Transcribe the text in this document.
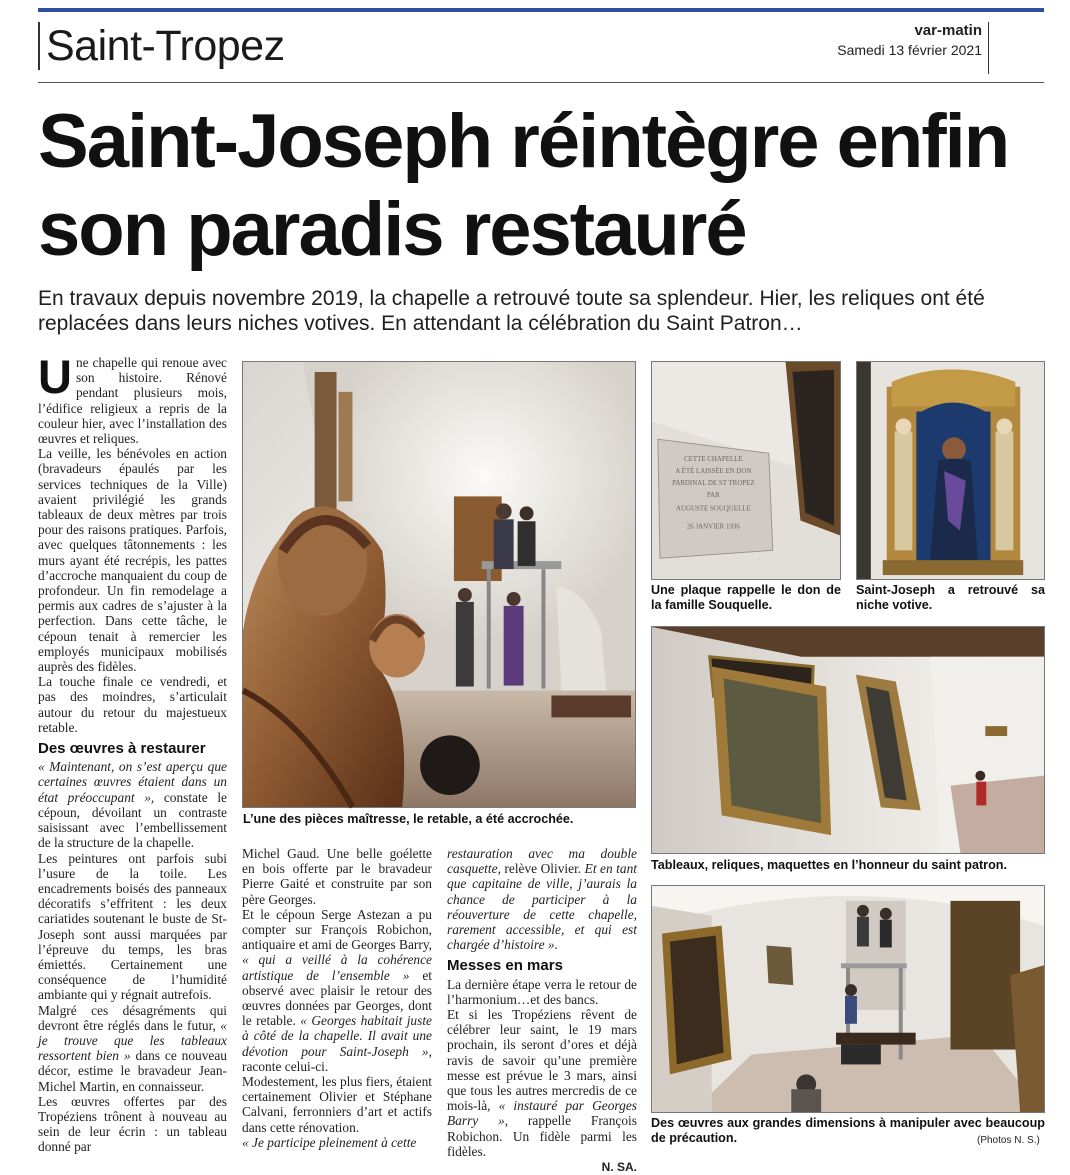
Saint-Tropez	var-matin
Samedi 13 février 2021
Saint-Joseph réintègre enfin son paradis restauré
En travaux depuis novembre 2019, la chapelle a retrouvé toute sa splendeur. Hier, les reliques ont été replacées dans leurs niches votives. En attendant la célébration du Saint Patron…

Une chapelle qui renoue avec son histoire. Rénové pendant plusieurs mois, l’édifice religieux a repris de la couleur hier, avec l’installation des œuvres et reliques.

La veille, les bénévoles en action (bravadeurs épaulés par les services techniques de la Ville) avaient privilégié les grands tableaux de deux mètres par trois pour des raisons pratiques. Parfois, avec quelques tâtonnements : les murs ayant été recrépis, les pattes d’accroche manquaient du coup de profondeur. Un fin remodelage a permis aux cadres de s’ajuster à la perfection. Dans cette tâche, le cépoun tenait à remercier les employés municipaux mobilisés auprès des fidèles.

La touche finale ce vendredi, et pas des moindres, s’articulait autour du retour du majestueux retable.

Des œuvres à restaurer

« Maintenant, on s’est aperçu que certaines œuvres étaient dans un état préoccupant », constate le cépoun, dévoilant un contraste saisissant avec l’embellissement de la structure de la chapelle.

Les peintures ont parfois subi l’usure de la toile. Les encadrements boisés des panneaux décoratifs s’effritent : les deux cariatides soutenant le buste de St-Joseph sont aussi marquées par l’épreuve du temps, les bras émiettés. Certainement une conséquence de l’humidité ambiante qui y régnait autrefois.

Malgré ces désagréments qui devront être réglés dans le futur, « je trouve que les tableaux ressortent bien » dans ce nouveau décor, estime le bravadeur Jean-Michel Martin, en connaisseur.

Les œuvres offertes par des Tropéziens trônent à nouveau au sein de leur écrin : un tableau donné par

Michel Gaud. Une belle goélette en bois offerte par le bravadeur Pierre Gaité et construite par son père Georges.

Et le cépoun Serge Astezan a pu compter sur François Robichon, antiquaire et ami de Georges Barry, « qui a veillé à la cohérence artistique de l’ensemble » et observé avec plaisir le retour des œuvres données par Georges, dont le retable. « Georges habitait juste à côté de la chapelle. Il avait une dévotion pour Saint-Joseph », raconte celui-ci.

Modestement, les plus fiers, étaient certainement Olivier et Stéphane Calvani, ferronniers d’art et actifs dans cette rénovation.

« Je participe pleinement à cette

restauration avec ma double casquette, relève Olivier. Et en tant que capitaine de ville, j’aurais la chance de participer à la réouverture de cette chapelle, rarement accessible, et qui est chargée d’histoire ».

Messes en mars

La dernière étape verra le retour de l’harmonium…et des bancs.

Et si les Tropéziens rêvent de célébrer leur saint, le 19 mars prochain, ils seront d’ores et déjà ravis de savoir qu’une première messe est prévue le 3 mars, ainsi que tous les autres mercredis de ce mois-là, « instauré par Georges Barry », rappelle François Robichon. Un fidèle parmi les fidèles.

N. SA.
L’une des pièces maîtresse, le retable, a été accrochée.
CETTE CHAPELLE
A ÉTÉ LAISSÉE EN DON
PARDINAL DE ST TROPEZ
PAR
AUGUSTE SOUQUELLE
26 JANVIER 1936
Une plaque rappelle le don de la famille Souquelle.
Saint-Joseph a retrouvé sa niche votive.
Tableaux, reliques, maquettes en l’honneur du saint patron.
Des œuvres aux grandes dimensions à manipuler avec beaucoup de précaution.	(Photos N. S.)
